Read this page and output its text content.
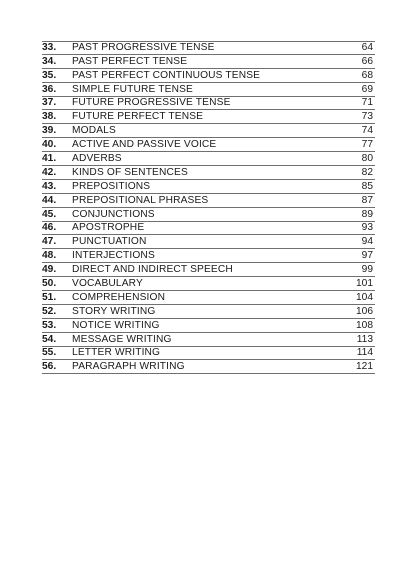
33.	PAST PROGRESSIVE TENSE	64
34.	PAST PERFECT TENSE	66
35.	PAST PERFECT CONTINUOUS TENSE	68
36.	SIMPLE FUTURE TENSE	69
37.	FUTURE PROGRESSIVE TENSE	71
38.	FUTURE PERFECT TENSE	73
39.	MODALS	74
40.	ACTIVE AND PASSIVE VOICE	77
41.	ADVERBS	80
42.	KINDS OF SENTENCES	82
43.	PREPOSITIONS	85
44.	PREPOSITIONAL PHRASES	87
45.	CONJUNCTIONS	89
46.	APOSTROPHE	93
47.	PUNCTUATION	94
48.	INTERJECTIONS	97
49.	DIRECT AND INDIRECT SPEECH	99
50.	VOCABULARY	101
51.	COMPREHENSION	104
52.	STORY WRITING	106
53.	NOTICE WRITING	108
54.	MESSAGE WRITING	113
55.	LETTER WRITING	114
56.	PARAGRAPH WRITING	121
